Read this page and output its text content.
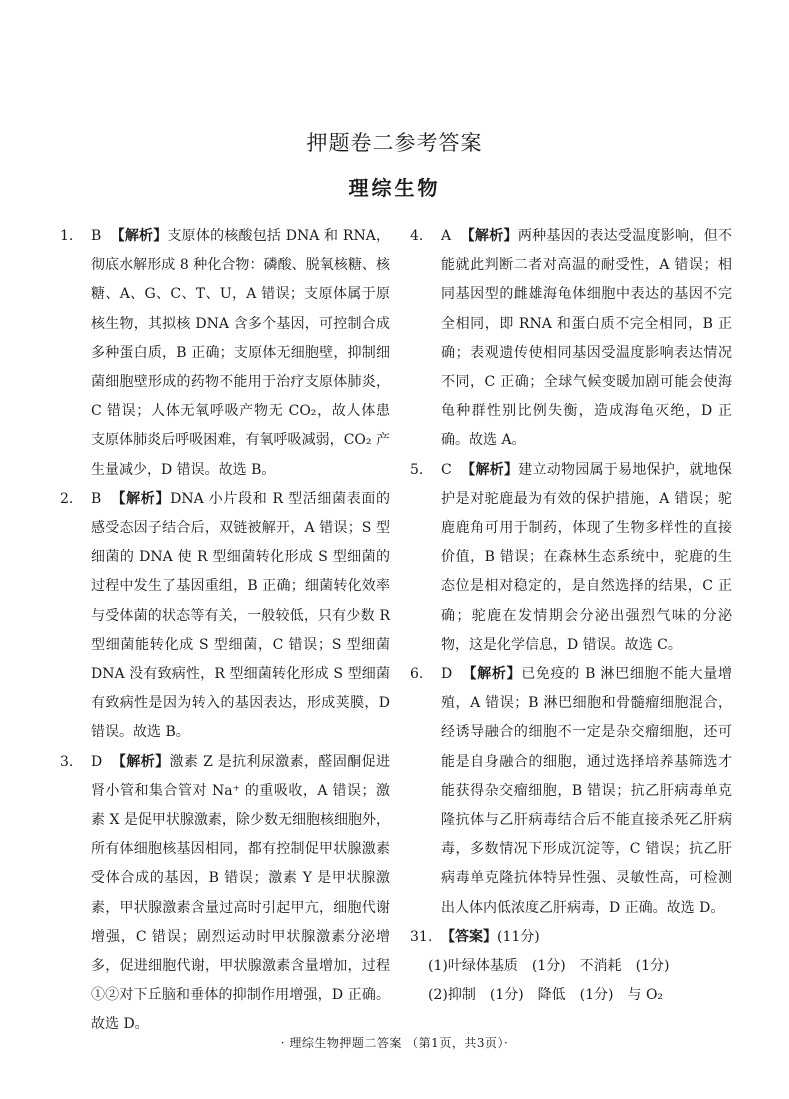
押题卷二参考答案
理综生物

1. B 【解析】支原体的核酸包括 DNA 和 RNA，彻底水解形成 8 种化合物：磷酸、脱氧核糖、核糖、A、G、C、T、U，A 错误；支原体属于原核生物，其拟核 DNA 含多个基因，可控制合成多种蛋白质，B 正确；支原体无细胞壁，抑制细菌细胞壁形成的药物不能用于治疗支原体肺炎，C 错误；人体无氧呼吸产物无 CO₂，故人体患支原体肺炎后呼吸困难，有氧呼吸减弱，CO₂ 产生量减少，D 错误。故选 B。

2. B 【解析】DNA 小片段和 R 型活细菌表面的感受态因子结合后，双链被解开，A 错误；S 型细菌的 DNA 使 R 型细菌转化形成 S 型细菌的过程中发生了基因重组，B 正确；细菌转化效率与受体菌的状态等有关，一般较低，只有少数 R 型细菌能转化成 S 型细菌，C 错误；S 型细菌 DNA 没有致病性，R 型细菌转化形成 S 型细菌有致病性是因为转入的基因表达，形成荚膜，D 错误。故选 B。

3. D 【解析】激素 Z 是抗利尿激素，醛固酮促进肾小管和集合管对 Na⁺ 的重吸收，A 错误；激素 X 是促甲状腺激素，除少数无细胞核细胞外，所有体细胞核基因相同，都有控制促甲状腺激素受体合成的基因，B 错误；激素 Y 是甲状腺激素，甲状腺激素含量过高时引起甲亢，细胞代谢增强，C 错误；剧烈运动时甲状腺激素分泌增多，促进细胞代谢，甲状腺激素含量增加，过程①②对下丘脑和垂体的抑制作用增强，D 正确。故选 D。

4. A 【解析】两种基因的表达受温度影响，但不能就此判断二者对高温的耐受性，A 错误；相同基因型的雌雄海龟体细胞中表达的基因不完全相同，即 RNA 和蛋白质不完全相同，B 正确；表观遗传使相同基因受温度影响表达情况不同，C 正确；全球气候变暖加剧可能会使海龟种群性别比例失衡，造成海龟灭绝，D 正确。故选 A。

5. C 【解析】建立动物园属于易地保护，就地保护是对驼鹿最为有效的保护措施，A 错误；驼鹿鹿角可用于制药，体现了生物多样性的直接价值，B 错误；在森林生态系统中，驼鹿的生态位是相对稳定的，是自然选择的结果，C 正确；驼鹿在发情期会分泌出强烈气味的分泌物，这是化学信息，D 错误。故选 C。

6. D 【解析】已免疫的 B 淋巴细胞不能大量增殖，A 错误；B 淋巴细胞和骨髓瘤细胞混合，经诱导融合的细胞不一定是杂交瘤细胞，还可能是自身融合的细胞，通过选择培养基筛选才能获得杂交瘤细胞，B 错误；抗乙肝病毒单克隆抗体与乙肝病毒结合后不能直接杀死乙肝病毒，多数情况下形成沉淀等，C 错误；抗乙肝病毒单克隆抗体特异性强、灵敏性高，可检测出人体内低浓度乙肝病毒，D 正确。故选 D。

31. 【答案】(11分)

(1)叶绿体基质　(1分)　不消耗　(1分)

(2)抑制　(1分)　降低　(1分)　与 O₂

· 理综生物押题二答案 （第1页，共3页）·
